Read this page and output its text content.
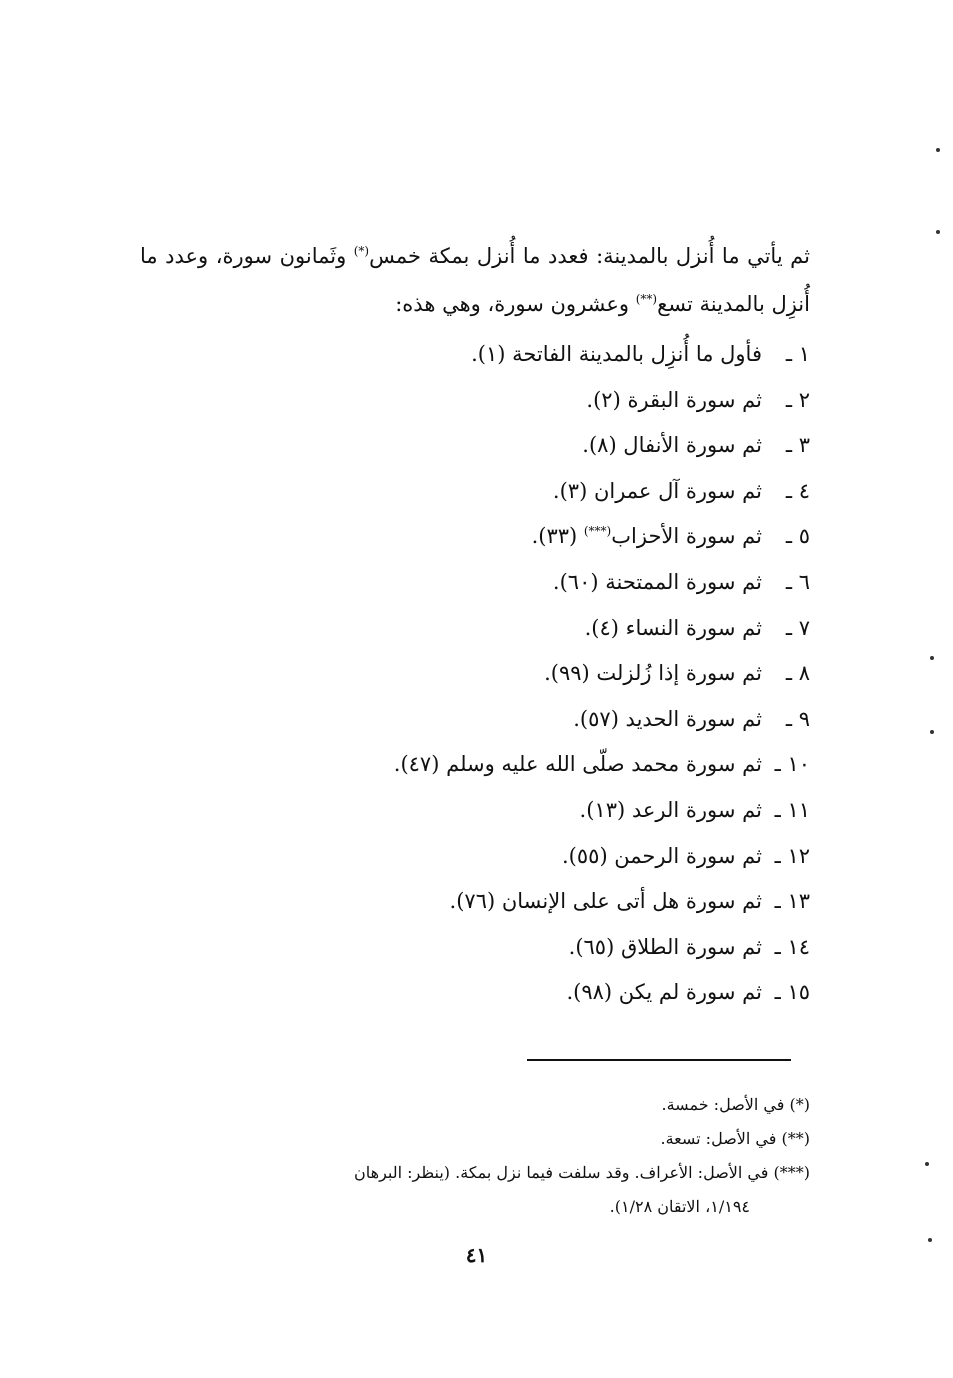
ثم يأتي ما أُنزل بالمدينة: فعدد ما أُنزل بمكة خمس(*) وثَمانون سورة، وعدد ما أُنزِل بالمدينة تسع(**) وعشرون سورة، وهي هذه:
١ ـ
فأول ما أُنزِل بالمدينة الفاتحة (١).
٢ ـ
ثم سورة البقرة (٢).
٣ ـ
ثم سورة الأنفال (٨).
٤ ـ
ثم سورة آل عمران (٣).
٥ ـ
ثم سورة الأحزاب(***) (٣٣).
٦ ـ
ثم سورة الممتحنة (٦٠).
٧ ـ
ثم سورة النساء (٤).
٨ ـ
ثم سورة إذا زُلزلت (٩٩).
٩ ـ
ثم سورة الحديد (٥٧).
١٠ ـ
ثم سورة محمد صلّى الله عليه وسلم (٤٧).
١١ ـ
ثم سورة الرعد (١٣).
١٢ ـ
ثم سورة الرحمن (٥٥).
١٣ ـ
ثم سورة هل أتى على الإنسان (٧٦).
١٤ ـ
ثم سورة الطلاق (٦٥).
١٥ ـ
ثم سورة لم يكن (٩٨).
(*) في الأصل: خمسة.
(**) في الأصل: تسعة.
(***) في الأصل: الأعراف. وقد سلفت فيما نزل بمكة. (ينظر: البرهان
١/١٩٤، الاتقان ١/٢٨).
٤١
